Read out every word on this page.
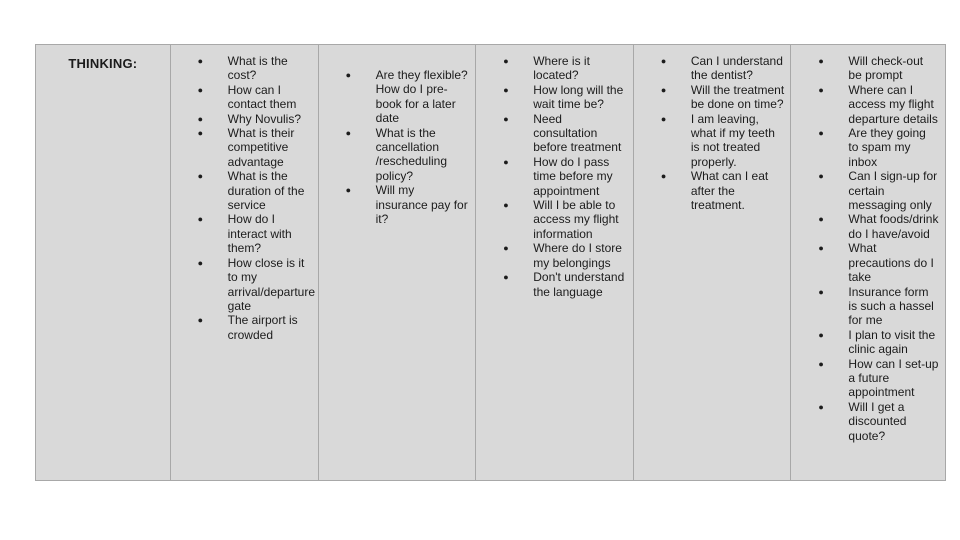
THINKING:	● What is the cost?
● How can I contact them
● Why Novulis?
● What is their competitive advantage
● What is the duration of the service
● How do I interact with them?
● How close is it to my arrival/departure gate
● The airport is crowded
● Are they flexible? How do I pre-book for a later date
● What is the cancellation /rescheduling policy?
● Will my insurance pay for it?
● Where is it located?
● How long will the wait time be?
● Need consultation before treatment
● How do I pass time before my appointment
● Will I be able to access my flight information
● Where do I store my belongings
● Don't understand the language
● Can I understand the dentist?
● Will the treatment be done on time?
● I am leaving, what if my teeth is not treated properly.
● What can I eat after the treatment.
● Will check-out be prompt
● Where can I access my flight departure details
● Are they going to spam my inbox
● Can I sign-up for certain messaging only
● What foods/drink do I have/avoid
● What precautions do I take
● Insurance form is such a hassel for me
● I plan to visit the clinic again
● How can I set-up a future appointment
● Will I get a discounted quote?
